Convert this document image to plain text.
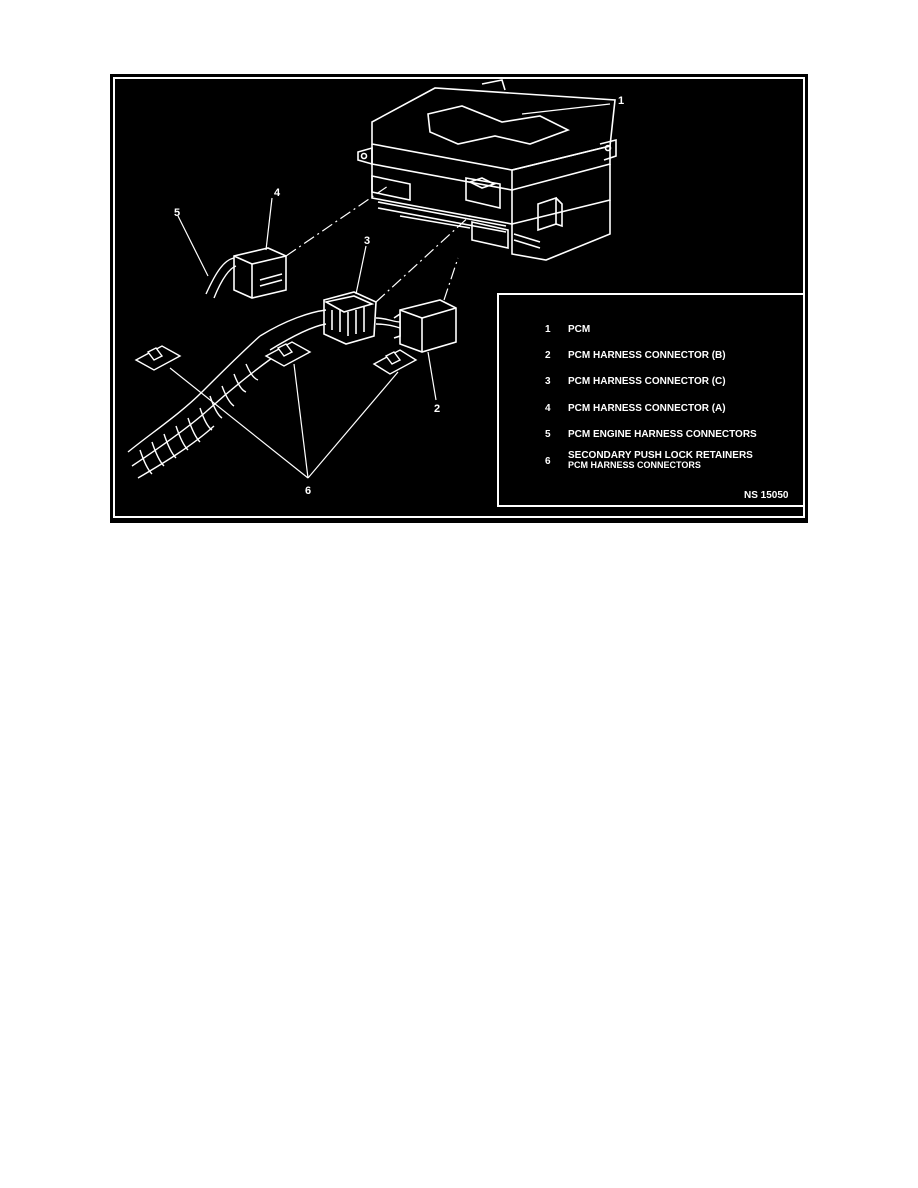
1
2
3
4
5
6
1 PCM
2 PCM HARNESS CONNECTOR (B)
3 PCM HARNESS CONNECTOR (C)
4 PCM HARNESS CONNECTOR (A)
5 PCM ENGINE HARNESS CONNECTORS
6
SECONDARY PUSH LOCK RETAINERS
PCM HARNESS CONNECTORS
NS 15050
